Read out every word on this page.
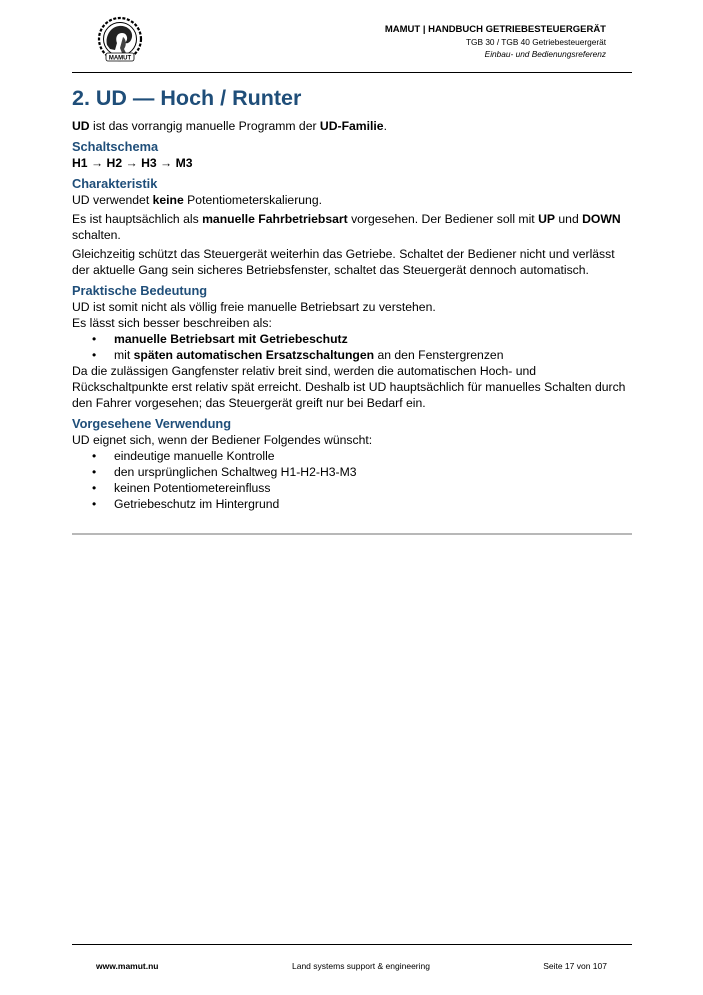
MAMUT
MAMUT | HANDBUCH GETRIEBESTEUERGERÄT
TGB 30 / TGB 40 Getriebesteuergerät
Einbau- und Bedienungsreferenz
2. UD — Hoch / Runter

UD ist das vorrangig manuelle Programm der UD-Familie.

Schaltschema

H1 → H2 → H3 → M3

Charakteristik

UD verwendet keine Potentiometerskalierung.

Es ist hauptsächlich als manuelle Fahrbetriebsart vorgesehen. Der Bediener soll mit UP und DOWN schalten.

Gleichzeitig schützt das Steuergerät weiterhin das Getriebe. Schaltet der Bediener nicht und verlässt der aktuelle Gang sein sicheres Betriebsfenster, schaltet das Steuergerät dennoch automatisch.

Praktische Bedeutung

UD ist somit nicht als völlig freie manuelle Betriebsart zu verstehen.

Es lässt sich besser beschreiben als:

• manuelle Betriebsart mit Getriebeschutz
• mit späten automatischen Ersatzschaltungen an den Fenstergrenzen

Da die zulässigen Gangfenster relativ breit sind, werden die automatischen Hoch- und Rückschaltpunkte erst relativ spät erreicht. Deshalb ist UD hauptsächlich für manuelles Schalten durch den Fahrer vorgesehen; das Steuergerät greift nur bei Bedarf ein.

Vorgesehene Verwendung

UD eignet sich, wenn der Bediener Folgendes wünscht:

• eindeutige manuelle Kontrolle
• den ursprünglichen Schaltweg H1-H2-H3-M3
• keinen Potentiometereinfluss
• Getriebeschutz im Hintergrund
www.mamut.nu	Land systems support & engineering	Seite 17 von 107
